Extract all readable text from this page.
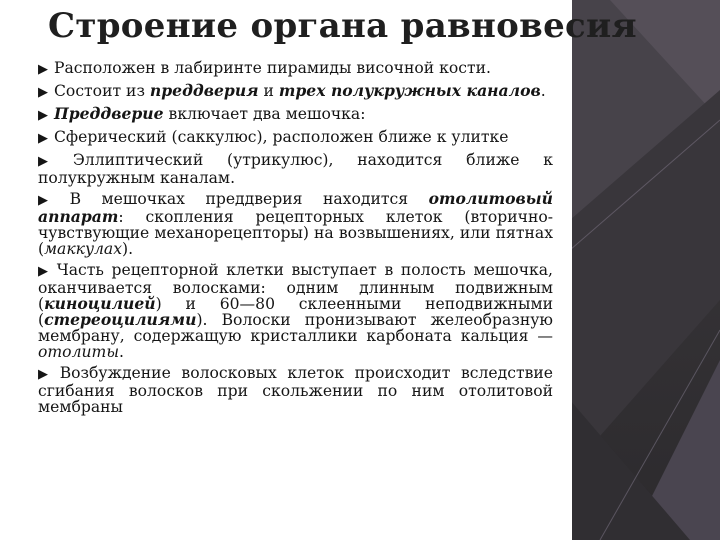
Строение органа равновесия
▶ Расположен в лабиринте пирамиды височной кости.
▶ Состоит из преддверия и трех полукружных каналов.
▶ Преддверие включает два мешочка:
▶ Сферический (саккулюс), расположен ближе к улитке
▶ Эллиптический (утрикулюс), находится ближе к полукружным каналам.
▶ В мешочках преддверия находится отолитовый аппарат: скопления рецепторных клеток (вторично-чувствующие механорецепторы) на возвышениях, или пятнах (маккулах).
▶ Часть рецепторной клетки выступает в полость мешочка, оканчивается волосками: одним длинным подвижным (киноцилией) и 60—80 склеенными неподвижными (стереоцилиями). Волоски пронизывают желеобразную мембрану, содержащую кристаллики карбоната кальция — отолиты.
▶ Возбуждение волосковых клеток происходит вследствие сгибания волосков при скольжении по ним отолитовой мембраны
